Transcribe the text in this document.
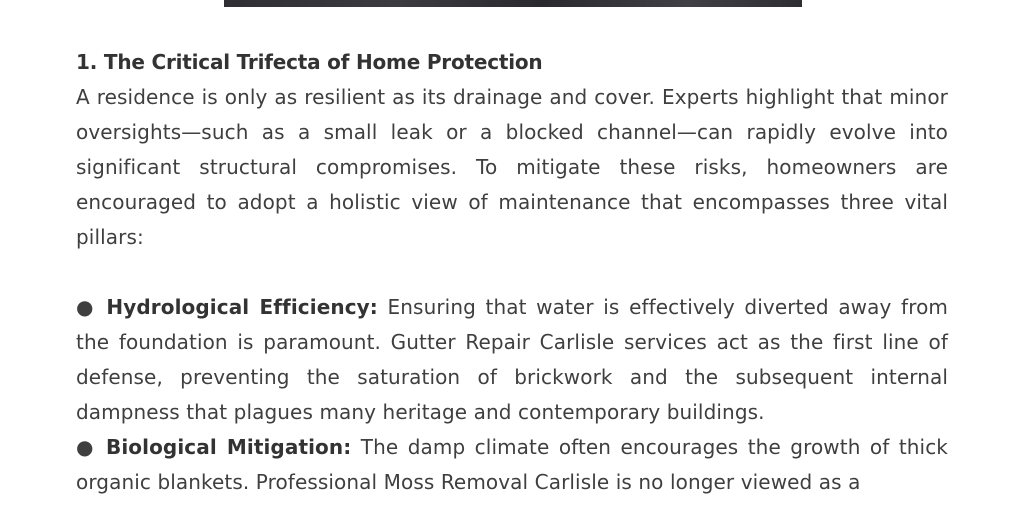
1. The Critical Trifecta of Home Protection

A residence is only as resilient as its drainage and cover. Experts highlight that minor oversights—such as a small leak or a blocked channel—can rapidly evolve into significant structural compromises. To mitigate these risks, homeowners are encouraged to adopt a holistic view of maintenance that encompasses three vital pillars:

● Hydrological Efficiency: Ensuring that water is effectively diverted away from the foundation is paramount. Gutter Repair Carlisle services act as the first line of defense, preventing the saturation of brickwork and the subsequent internal dampness that plagues many heritage and contemporary buildings.

● Biological Mitigation: The damp climate often encourages the growth of thick organic blankets. Professional Moss Removal Carlisle is no longer viewed as a
